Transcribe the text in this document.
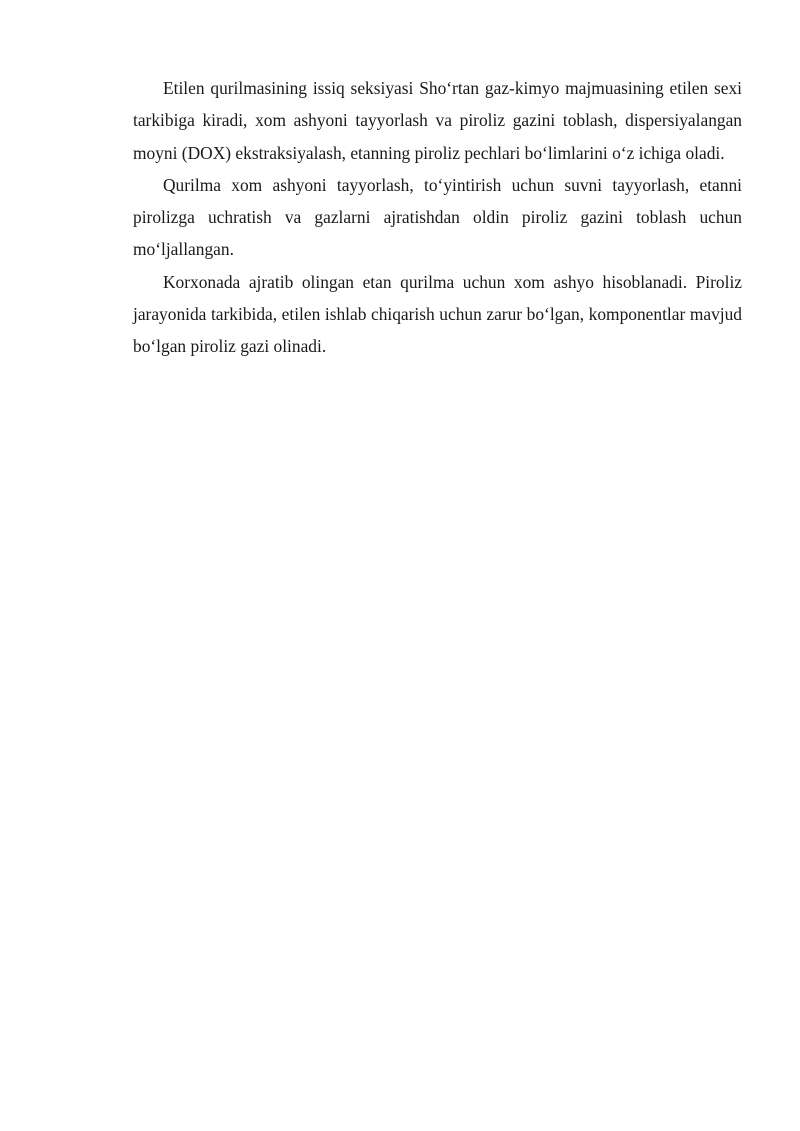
Etilen qurilmasining issiq seksiyasi Sho‘rtan gaz-kimyo majmuasining etilen sexi tarkibiga kiradi, xom ashyoni tayyorlash va piroliz gazini toblash, dispersiyalangan moyni (DOX) ekstraksiyalash, etanning piroliz pechlari bo‘limlarini o‘z ichiga oladi.

Qurilma xom ashyoni tayyorlash, to‘yintirish uchun suvni tayyorlash, etanni pirolizga uchratish va gazlarni ajratishdan oldin piroliz gazini toblash uchun mo‘ljallangan.

Korxonada ajratib olingan etan qurilma uchun xom ashyo hisoblanadi. Piroliz jarayonida tarkibida, etilen ishlab chiqarish uchun zarur bo‘lgan, komponentlar mavjud bo‘lgan piroliz gazi olinadi.
